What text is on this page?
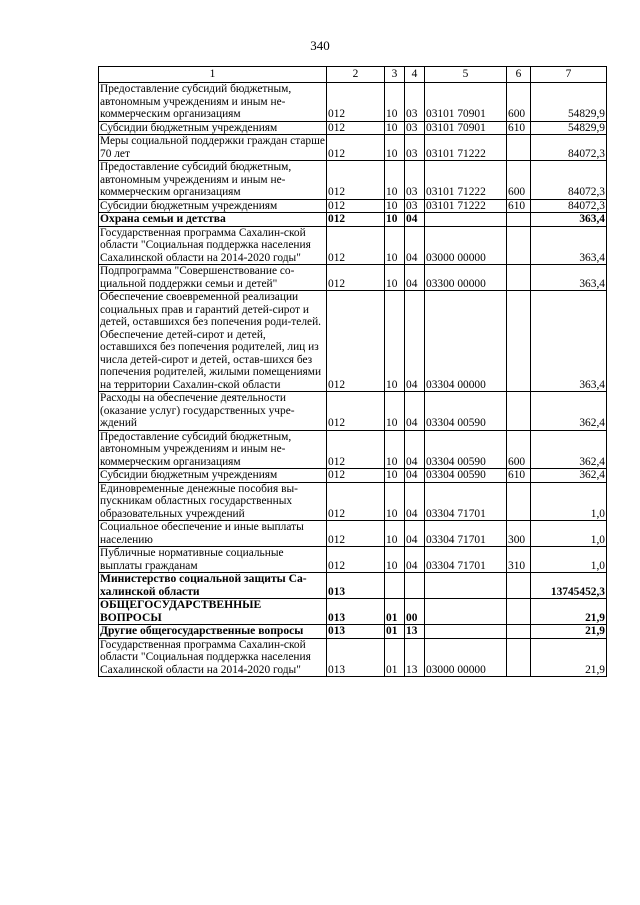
340
1	2	3	4	5	6	7
Предоставление субсидий бюджетным, автономным учреждениям и иным не-коммерческим организациям	012	10	03	03101 70901	600	54829,9
Субсидии бюджетным учреждениям	012	10	03	03101 70901	610	54829,9
Меры социальной поддержки граждан старше 70 лет	012	10	03	03101 71222		84072,3
Предоставление субсидий бюджетным, автономным учреждениям и иным не-коммерческим организациям	012	10	03	03101 71222	600	84072,3
Субсидии бюджетным учреждениям	012	10	03	03101 71222	610	84072,3
Охрана семьи и детства	012	10	04			363,4
Государственная программа Сахалин-ской области "Социальная поддержка населения Сахалинской области на 2014-2020 годы"	012	10	04	03000 00000		363,4
Подпрограмма "Совершенствование со-циальной поддержки семьи и детей"	012	10	04	03300 00000		363,4
Обеспечение своевременной реализации социальных прав и гарантий детей-сирот и детей, оставшихся без попечения роди-телей. Обеспечение детей-сирот и детей, оставшихся без попечения родителей, лиц из числа детей-сирот и детей, остав-шихся без попечения родителей, жилыми помещениями на территории Сахалин-ской области	012	10	04	03304 00000		363,4
Расходы на обеспечение деятельности (оказание услуг) государственных учре-ждений	012	10	04	03304 00590		362,4
Предоставление субсидий бюджетным, автономным учреждениям и иным не-коммерческим организациям	012	10	04	03304 00590	600	362,4
Субсидии бюджетным учреждениям	012	10	04	03304 00590	610	362,4
Единовременные денежные пособия вы-пускникам областных государственных образовательных учреждений	012	10	04	03304 71701		1,0
Социальное обеспечение и иные выплаты населению	012	10	04	03304 71701	300	1,0
Публичные нормативные социальные выплаты гражданам	012	10	04	03304 71701	310	1,0
Министерство социальной защиты Са-халинской области	013					13745452,3
ОБЩЕГОСУДАРСТВЕННЫЕ ВОПРОСЫ	013	01	00			21,9
Другие общегосударственные вопросы	013	01	13			21,9
Государственная программа Сахалин-ской области "Социальная поддержка населения Сахалинской области на 2014-2020 годы"	013	01	13	03000 00000		21,9
